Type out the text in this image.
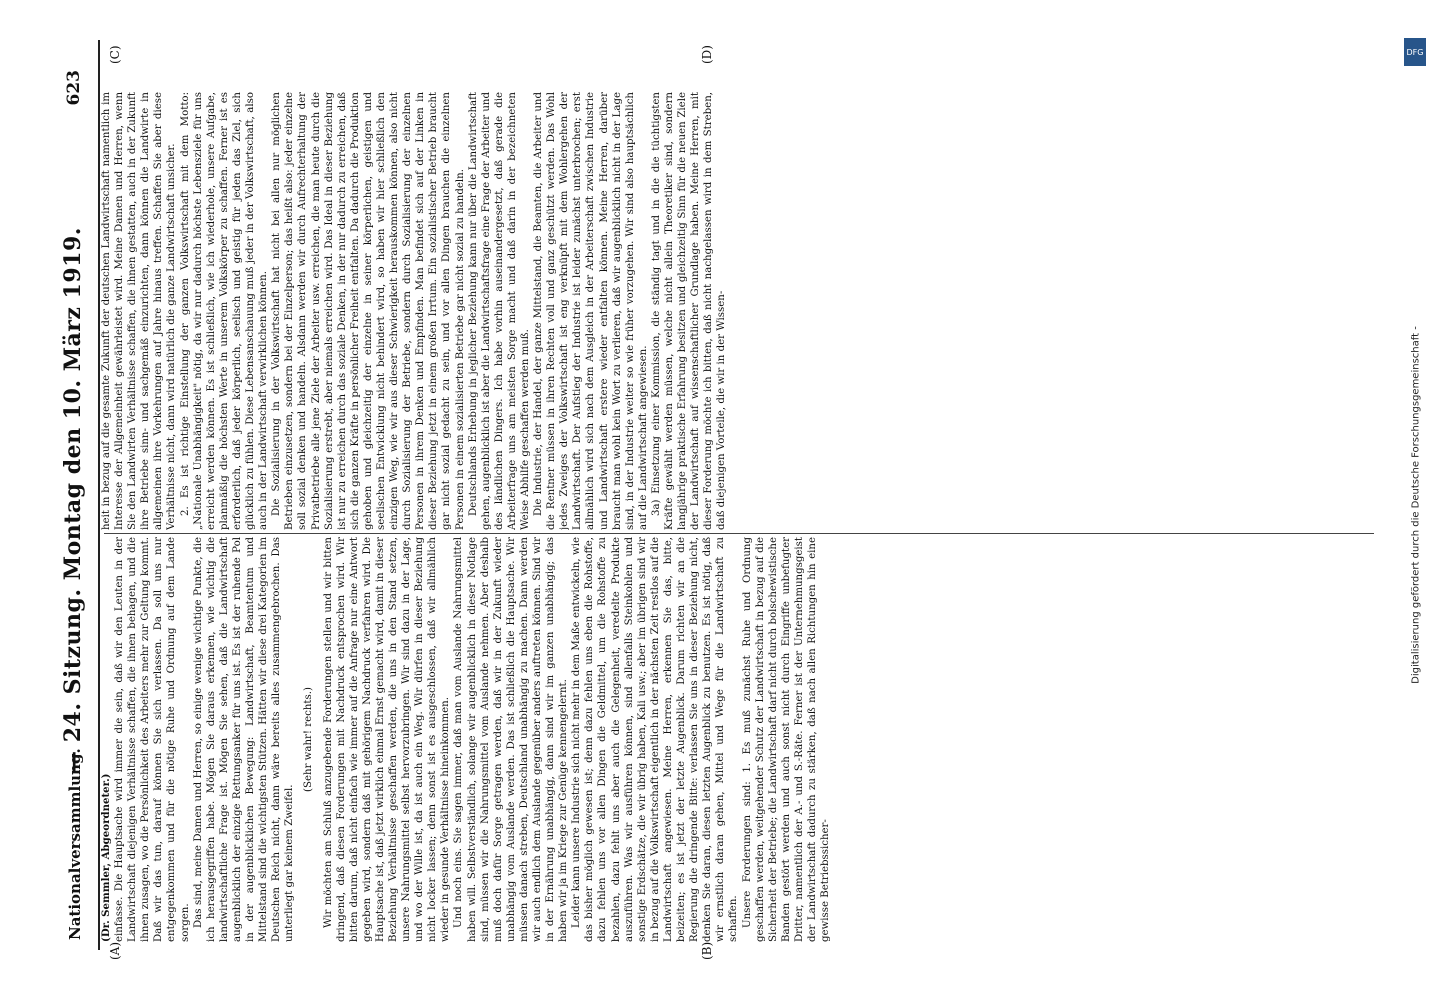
Nationalversammlung.
— 24. Sitzung. Montag den 10. März 1919.
623
(A)	(B)
(C)	(D)

(Dr. Semmler, Abgeordneter.) einfasse. Die Hauptsache wird immer die sein, daß wir den Leuten in der Landwirtschaft diejenigen Verhältnisse schaffen, die ihnen behagen, und die ihnen zusagen, wo die Persönlichkeit des Arbeiters mehr zur Geltung kommt. Daß wir das tun, darauf können Sie sich verlassen. Da soll uns nur entgegenkommen und für die nötige Ruhe und Ordnung auf dem Lande sorgen. Das sind, meine Damen und Herren, so einige wenige wichtige Punkte, die ich herausgegriffen habe. Mögen Sie daraus erkennen, wie wichtig die landwirtschaftliche Frage ist. Mögen Sie sehen, daß die Landwirtschaft augenblicklich der einzige Rettungsanker für uns ist. Es ist der ruhende Pol in der augenblicklichen Bewegung: Landwirtschaft, Beamtentum und Mittelstand sind die wichtigsten Stützen. Hätten wir diese drei Kategorien im Deutschen Reich nicht, dann wäre bereits alles zusammengebrochen. Das unterliegt gar keinem Zweifel.

(Sehr wahr! rechts.) Wir möchten am Schluß anzugebende Forderungen stellen und wir bitten dringend, daß diesen Forderungen mit Nachdruck entsprochen wird. Wir bitten darum, daß nicht einfach wie immer auf die Anfrage nur eine Antwort gegeben wird, sondern daß mit gehörigem Nachdruck verfahren wird. Die Hauptsache ist, daß jetzt wirklich einmal Ernst gemacht wird, damit in dieser Beziehung Verhältnisse geschaffen werden, die uns in den Stand setzen, unsere Nahrungsmittel selbst hervorzubringen. Wir sind dazu in der Lage, und wo der Wille ist, da ist auch ein Weg. Wir dürfen in dieser Beziehung nicht locker lassen; denn sonst ist es ausgeschlossen, daß wir allmählich wieder in gesunde Verhältnisse hineinkommen. Und noch eins. Sie sagen immer, daß man vom Auslande Nahrungsmittel haben will. Selbstverständlich, solange wir augenblicklich in dieser Notlage sind, müssen wir die Nahrungsmittel vom Auslande nehmen. Aber deshalb muß doch dafür Sorge getragen werden, daß wir in der Zukunft wieder unabhängig vom Auslande werden. Das ist schließlich die Hauptsache. Wir müssen danach streben, Deutschland unabhängig zu machen. Dann werden wir auch endlich dem Auslande gegenüber anders auftreten können. Sind wir in der Ernährung unabhängig, dann sind wir im ganzen unabhängig; das haben wir ja im Kriege zur Genüge kennengelernt. Leider kann unsere Industrie sich nicht mehr in dem Maße entwickeln, wie das bisher möglich gewesen ist; denn dazu fehlen uns eben die Rohstoffe, dazu fehlen uns vor allen Dingen die Geldmittel, um die Rohstoffe zu bezahlen, dazu fehlt uns aber auch die Gelegenheit, veredelte Produkte auszuführen. Was wir ausführen können, sind allenfalls Steinkohlen und sonstige Erdschätze, die wir übrig haben, Kali usw.; aber im übrigen sind wir in bezug auf die Volkswirtschaft eigentlich in der nächsten Zeit restlos auf die Landwirtschaft angewiesen. Meine Herren, erkennen Sie das, bitte, beizeiten; es ist jetzt der letzte Augenblick. Darum richten wir an die Regierung die dringende Bitte: verlassen Sie uns in dieser Beziehung nicht, denken Sie daran, diesen letzten Augenblick zu benutzen. Es ist nötig, daß wir ernstlich daran gehen, Mittel und Wege für die Landwirtschaft zu schaffen. Unsere Forderungen sind: 1. Es muß zunächst Ruhe und Ordnung geschaffen werden, weitgehender Schutz der Landwirtschaft in bezug auf die Sicherheit der Betriebe; die Landwirtschaft darf nicht durch bolschewistische Banden gestört werden und auch sonst nicht durch Eingriffe unbefugter Dritter, namentlich der A.- und S.-Räte. Ferner ist der Unternehmungsgeist der Landwirtschaft dadurch zu stärken, daß nach allen Richtungen hin eine gewisse Betriebssicher-

heit in bezug auf die gesamte Zukunft der deutschen Landwirtschaft namentlich im Interesse der Allgemeinheit gewährleistet wird. Meine Damen und Herren, wenn Sie den Landwirten Verhältnisse schaffen, die ihnen gestatten, auch in der Zukunft ihre Betriebe sinn- und sachgemäß einzurichten, dann können die Landwirte in allgemeinen ihre Vorkehrungen auf Jahre hinaus treffen. Schaffen Sie aber diese Verhältnisse nicht, dann wird natürlich die ganze Landwirtschaft unsicher. 2. Es ist richtige Einstellung der ganzen Volkswirtschaft mit dem Motto: „Nationale Unabhängigkeit" nötig, da wir nur dadurch höchste Lebensziele für uns erreicht werden können. Es ist schließlich, wie ich wiederhole, unsere Aufgabe, planmäßig die höchsten Werte in unserem Volkskörper zu schaffen. Ferner ist es erforderlich, daß jeder körperlich, seelisch und geistig für jeden das Ziel, sich glücklich zu fühlen. Diese Lebensanschauung muß jeder in der Volkswirtschaft, also auch in der Landwirtschaft verwirklichen können. Die Sozialisierung in der Volkswirtschaft hat nicht bei allen nur möglichen Betrieben einzusetzen, sondern bei der Einzelperson; das heißt also: jeder einzelne soll sozial denken und handeln. Alsdann werden wir durch Aufrechterhaltung der Privatbetriebe alle jene Ziele der Arbeiter usw. erreichen, die man heute durch die Sozialisierung erstrebt, aber niemals erreichen wird. Das Ideal in dieser Beziehung ist nur zu erreichen durch das soziale Denken, in der nur dadurch zu erreichen, daß sich die ganzen Kräfte in persönlicher Freiheit entfalten. Da dadurch die Produktion gehoben und gleichzeitig der einzelne in seiner körperlichen, geistigen und seelischen Entwicklung nicht behindert wird, so haben wir hier schließlich den einzigen Weg, wie wir aus dieser Schwierigkeit herauskommen können, also nicht durch Sozialisierung der Betriebe, sondern durch Sozialisierung der einzelnen Personen in ihrem Denken und Empfinden. Man befindet sich auf der Linken in dieser Beziehung jetzt in einem großen Irrtum. Ein sozialistischer Betrieb braucht gar nicht sozial gedacht zu sein, und vor allen Dingen brauchen die einzelnen Personen in einem sozialisierten Betriebe gar nicht sozial zu handeln. Deutschlands Erhebung in jeglicher Beziehung kann nur über die Landwirtschaft gehen, augenblicklich ist aber die Landwirtschaftsfrage eine Frage der Arbeiter und des ländlichen Dingers. Ich habe vorhin auseinandergesetzt, daß gerade die Arbeiterfrage uns am meisten Sorge macht und daß darin in der bezeichneten Weise Abhilfe geschaffen werden muß. Die Industrie, der Handel, der ganze Mittelstand, die Beamten, die Arbeiter und die Rentner müssen in ihren Rechten voll und ganz geschützt werden. Das Wohl jedes Zweiges der Volkswirtschaft ist eng verknüpft mit dem Wohlergehen der Landwirtschaft. Der Aufstieg der Industrie ist leider zunächst unterbrochen; erst allmählich wird sich nach dem Ausgleich in der Arbeiterschaft zwischen Industrie und Landwirtschaft erstere wieder entfalten können. Meine Herren, darüber braucht man wohl kein Wort zu verlieren, daß wir augenblicklich nicht in der Lage sind, in der Industrie weiter so wie früher vorzugehen. Wir sind also hauptsächlich auf die Landwirtschaft angewiesen. 3a) Einsetzung einer Kommission, die ständig tagt und in die die tüchtigsten Kräfte gewählt werden müssen, welche nicht allein Theoretiker sind, sondern langjährige praktische Erfahrung besitzen und gleichzeitig Sinn für die neuen Ziele der Landwirtschaft auf wissenschaftlicher Grundlage haben. Meine Herren, mit dieser Forderung möchte ich bitten, daß nicht nachgelassen wird in dem Streben, daß diejenigen Vorteile, die wir in der Wissen-

DFG
Digitalisierung gefördert durch die Deutsche Forschungsgemeinschaft -
